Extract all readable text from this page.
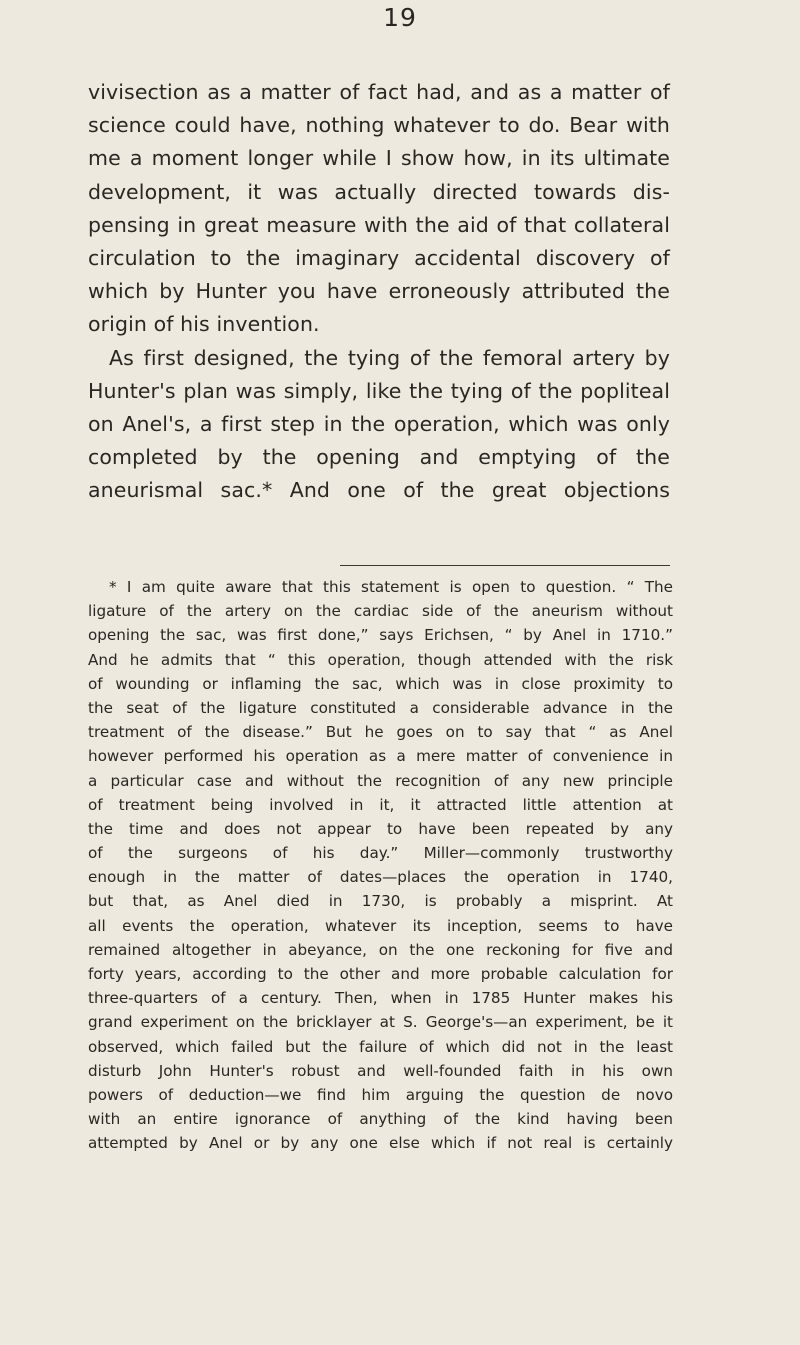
19
vivisection as a matter of fact had, and as a matter of
science could have, nothing whatever to do. Bear with
me a moment longer while I show how, in its ultimate
development, it was actually directed towards dis-
pensing in great measure with the aid of that collateral
circulation to the imaginary accidental discovery of
which by Hunter you have erroneously attributed the
origin of his invention.
As first designed, the tying of the femoral artery by
Hunter's plan was simply, like the tying of the popliteal
on Anel's, a first step in the operation, which was only
completed by the opening and emptying of the
aneurismal sac.* And one of the great objections
* I am quite aware that this statement is open to question. “ The
ligature of the artery on the cardiac side of the aneurism without
opening the sac, was first done,” says Erichsen, “ by Anel in 1710.”
And he admits that “ this operation, though attended with the risk
of wounding or inflaming the sac, which was in close proximity to
the seat of the ligature constituted a considerable advance in the
treatment of the disease.” But he goes on to say that “ as Anel
however performed his operation as a mere matter of convenience in
a particular case and without the recognition of any new principle
of treatment being involved in it, it attracted little attention at
the time and does not appear to have been repeated by any
of the surgeons of his day.” Miller—commonly trustworthy
enough in the matter of dates—places the operation in 1740,
but that, as Anel died in 1730, is probably a misprint. At
all events the operation, whatever its inception, seems to have
remained altogether in abeyance, on the one reckoning for five and
forty years, according to the other and more probable calculation for
three-quarters of a century. Then, when in 1785 Hunter makes his
grand experiment on the bricklayer at S. George's—an experiment, be it
observed, which failed but the failure of which did not in the least
disturb John Hunter's robust and well-founded faith in his own
powers of deduction—we find him arguing the question de novo
with an entire ignorance of anything of the kind having been
attempted by Anel or by any one else which if not real is certainly
